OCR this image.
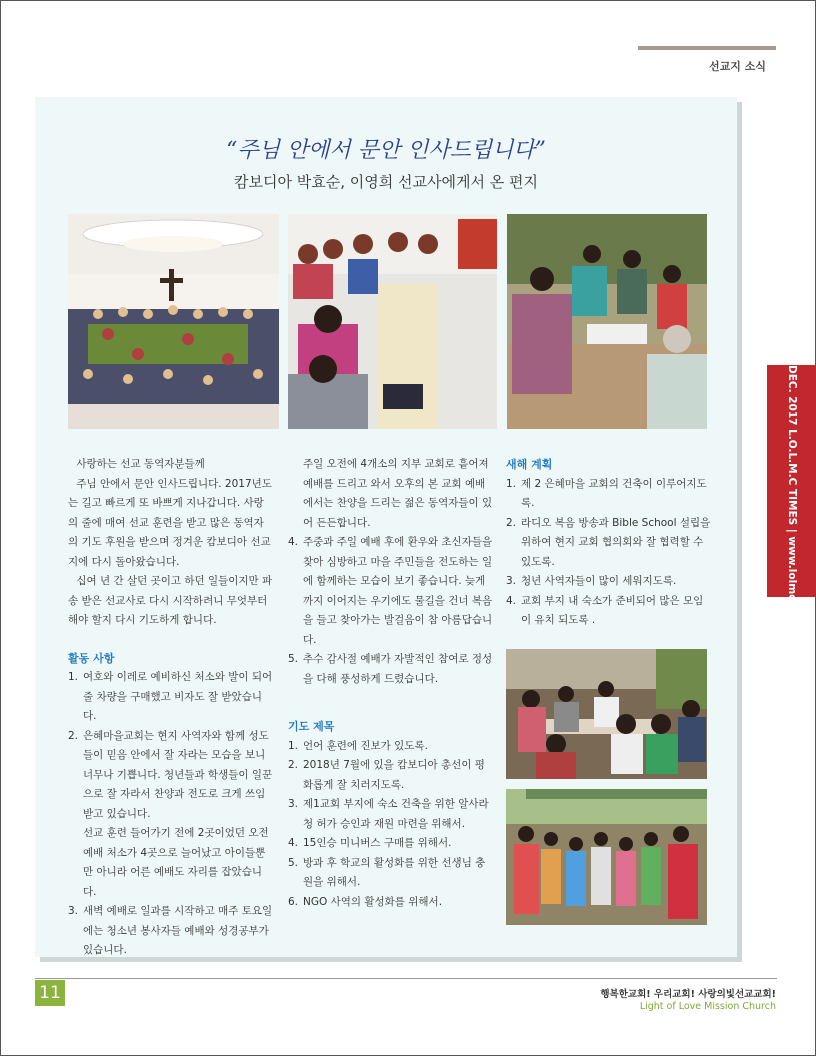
선교지 소식
“주님 안에서 문안 인사드립니다”
캄보디아 박효순, 이영희 선교사에게서 온 편지

사랑하는 선교 동역자분들께

주님 안에서 문안 인사드립니다. 2017년도는 길고 빠르게 또 바쁘게 지나갑니다. 사랑의 줄에 매여 선교 훈련을 받고 많은 동역자의 기도 후원을 받으며 정겨운 캄보디아 선교지에 다시 돌아왔습니다.

십여 년 간 살던 곳이고 하던 일들이지만 파송 받은 선교사로 다시 시작하려니 무엇부터 해야 할지 다시 기도하게 합니다.

활동 사항

1. 여호와 이레로 예비하신 처소와 발이 되어줄 차량을 구매했고 비자도 잘 받았습니다.
2. 은혜마을교회는 현지 사역자와 함께 성도들이 믿음 안에서 잘 자라는 모습을 보니 너무나 기쁩니다. 청년들과 학생들이 일꾼으로 잘 자라서 찬양과 전도로 크게 쓰임 받고 있습니다.
선교 훈련 들어가기 전에 2곳이었던 오전 예배 처소가 4곳으로 늘어났고 아이들뿐만 아니라 어른 예배도 자리를 잡았습니다.
3. 새벽 예배로 일과를 시작하고 매주 토요일에는 청소년 봉사자들 예배와 성경공부가 있습니다.
주일 오전에 4개소의 지부 교회로 흩어져 예배를 드리고 와서 오후의 본 교회 예배에서는 찬양을 드리는 젊은 동역자들이 있어 든든합니다.
4. 주중과 주일 예배 후에 환우와 초신자들을 찾아 심방하고 마을 주민들을 전도하는 일에 함께하는 모습이 보기 좋습니다. 늦게까지 이어지는 우기에도 물길을 건너 복음을 들고 찾아가는 발걸음이 참 아름답습니다.
5. 추수 감사절 예배가 자발적인 참여로 정성을 다해 풍성하게 드렸습니다.

기도 제목

1. 언어 훈련에 진보가 있도록.
2. 2018년 7월에 있을 캄보디아 총선이 평화롭게 잘 치러지도록.
3. 제1교회 부지에 숙소 건축을 위한 알사라청 허가 승인과 재원 마련을 위해서.
4. 15인승 미니버스 구매를 위해서.
5. 방과 후 학교의 활성화를 위한 선생님 충원을 위해서.
6. NGO 사역의 활성화를 위해서.

새해 계획

1. 제 2 은혜마을 교회의 건축이 이루어지도록.
2. 라디오 복음 방송과 Bible School 설립을 위하여 현지 교회 협의회와 잘 협력할 수 있도록.
3. 청년 사역자들이 많이 세워지도록.
4. 교회 부지 내 숙소가 준비되어 많은 모임이 유치 되도록 .	DEC. 2017 L.O.L.M.C TIMES | www.lolmc.org
11	행복한교회! 우리교회! 사랑의빛선교교회!
Light of Love Mission Church
